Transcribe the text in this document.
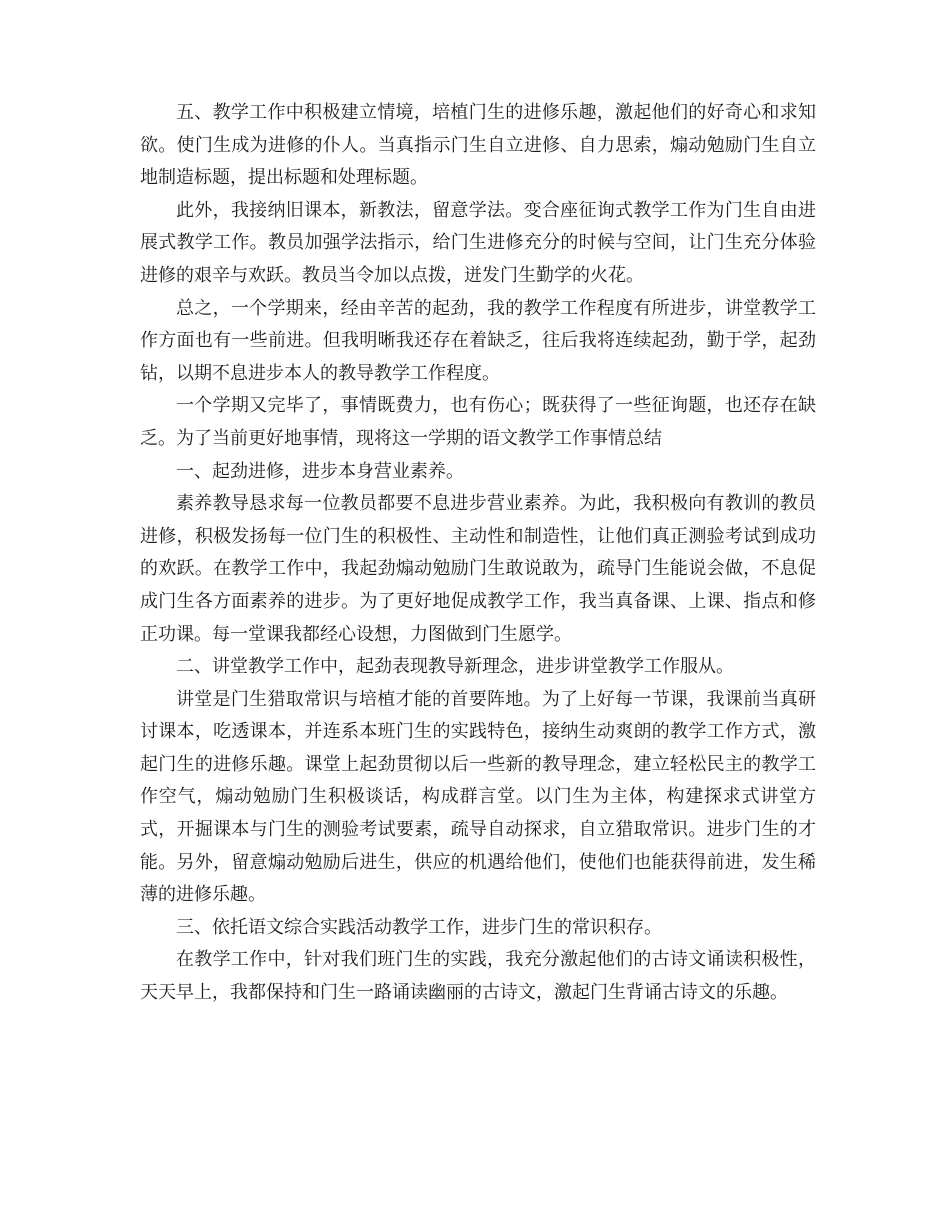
五、教学工作中积极建立情境，培植门生的进修乐趣，激起他们的好奇心和求知欲。使门生成为进修的仆人。当真指示门生自立进修、自力思索，煽动勉励门生自立地制造标题，提出标题和处理标题。

此外，我接纳旧课本，新教法，留意学法。变合座征询式教学工作为门生自由进展式教学工作。教员加强学法指示，给门生进修充分的时候与空间，让门生充分体验进修的艰辛与欢跃。教员当令加以点拨，迸发门生勤学的火花。

总之，一个学期来，经由辛苦的起劲，我的教学工作程度有所进步，讲堂教学工作方面也有一些前进。但我明晰我还存在着缺乏，往后我将连续起劲，勤于学，起劲钻，以期不息进步本人的教导教学工作程度。

一个学期又完毕了，事情既费力，也有伤心；既获得了一些征询题，也还存在缺乏。为了当前更好地事情，现将这一学期的语文教学工作事情总结

一、起劲进修，进步本身营业素养。

素养教导恳求每一位教员都要不息进步营业素养。为此，我积极向有教训的教员进修，积极发扬每一位门生的积极性、主动性和制造性，让他们真正测验考试到成功的欢跃。在教学工作中，我起劲煽动勉励门生敢说敢为，疏导门生能说会做，不息促成门生各方面素养的进步。为了更好地促成教学工作，我当真备课、上课、指点和修正功课。每一堂课我都经心设想，力图做到门生愿学。

二、讲堂教学工作中，起劲表现教导新理念，进步讲堂教学工作服从。

讲堂是门生猎取常识与培植才能的首要阵地。为了上好每一节课，我课前当真研讨课本，吃透课本，并连系本班门生的实践特色，接纳生动爽朗的教学工作方式，激起门生的进修乐趣。课堂上起劲贯彻以后一些新的教导理念，建立轻松民主的教学工作空气，煽动勉励门生积极谈话，构成群言堂。以门生为主体，构建探求式讲堂方式，开掘课本与门生的测验考试要素，疏导自动探求，自立猎取常识。进步门生的才能。另外，留意煽动勉励后进生，供应的机遇给他们，使他们也能获得前进，发生稀薄的进修乐趣。

三、依托语文综合实践活动教学工作，进步门生的常识积存。

在教学工作中，针对我们班门生的实践，我充分激起他们的古诗文诵读积极性，天天早上，我都保持和门生一路诵读幽丽的古诗文，激起门生背诵古诗文的乐趣。
